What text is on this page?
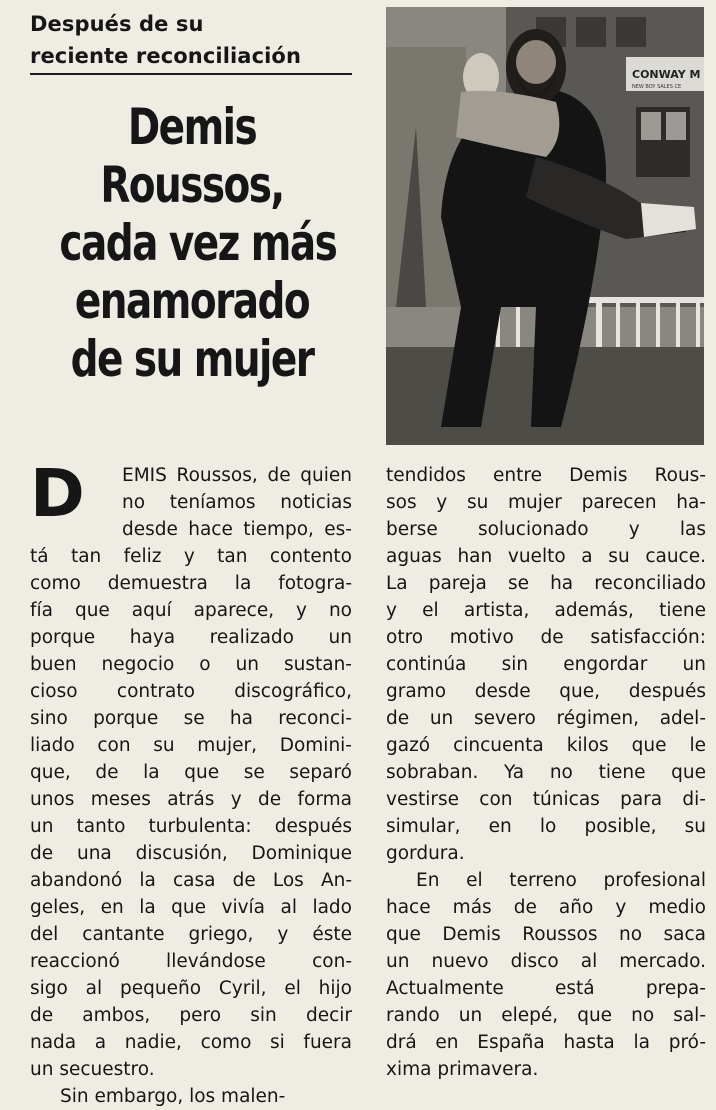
Después de su
reciente reconciliación
Demis
Roussos,
cada vez más
enamorado
de su mujer
CONWAY M
NEW BOY SALES CE
D	EMIS Roussos, de quien
no teníamos noticias
desde hace tiempo, es-
tá tan feliz y tan contento
como demuestra la fotogra-
fía que aquí aparece, y no
porque haya realizado un
buen negocio o un sustan-
cioso contrato discográfico,
sino porque se ha reconci-
liado con su mujer, Domini-
que, de la que se separó
unos meses atrás y de forma
un tanto turbulenta: después
de una discusión, Dominique
abandonó la casa de Los An-
geles, en la que vivía al lado
del cantante griego, y éste
reaccionó llevándose con-
sigo al pequeño Cyril, el hijo
de ambos, pero sin decir
nada a nadie, como si fuera
un secuestro.
Sin embargo, los malen-
tendidos entre Demis Rous-
sos y su mujer parecen ha-
berse solucionado y las
aguas han vuelto a su cauce.
La pareja se ha reconciliado
y el artista, además, tiene
otro motivo de satisfacción:
continúa sin engordar un
gramo desde que, después
de un severo régimen, adel-
gazó cincuenta kilos que le
sobraban. Ya no tiene que
vestirse con túnicas para di-
simular, en lo posible, su
gordura.
En el terreno profesional
hace más de año y medio
que Demis Roussos no saca
un nuevo disco al mercado.
Actualmente está prepa-
rando un elepé, que no sal-
drá en España hasta la pró-
xima primavera.
